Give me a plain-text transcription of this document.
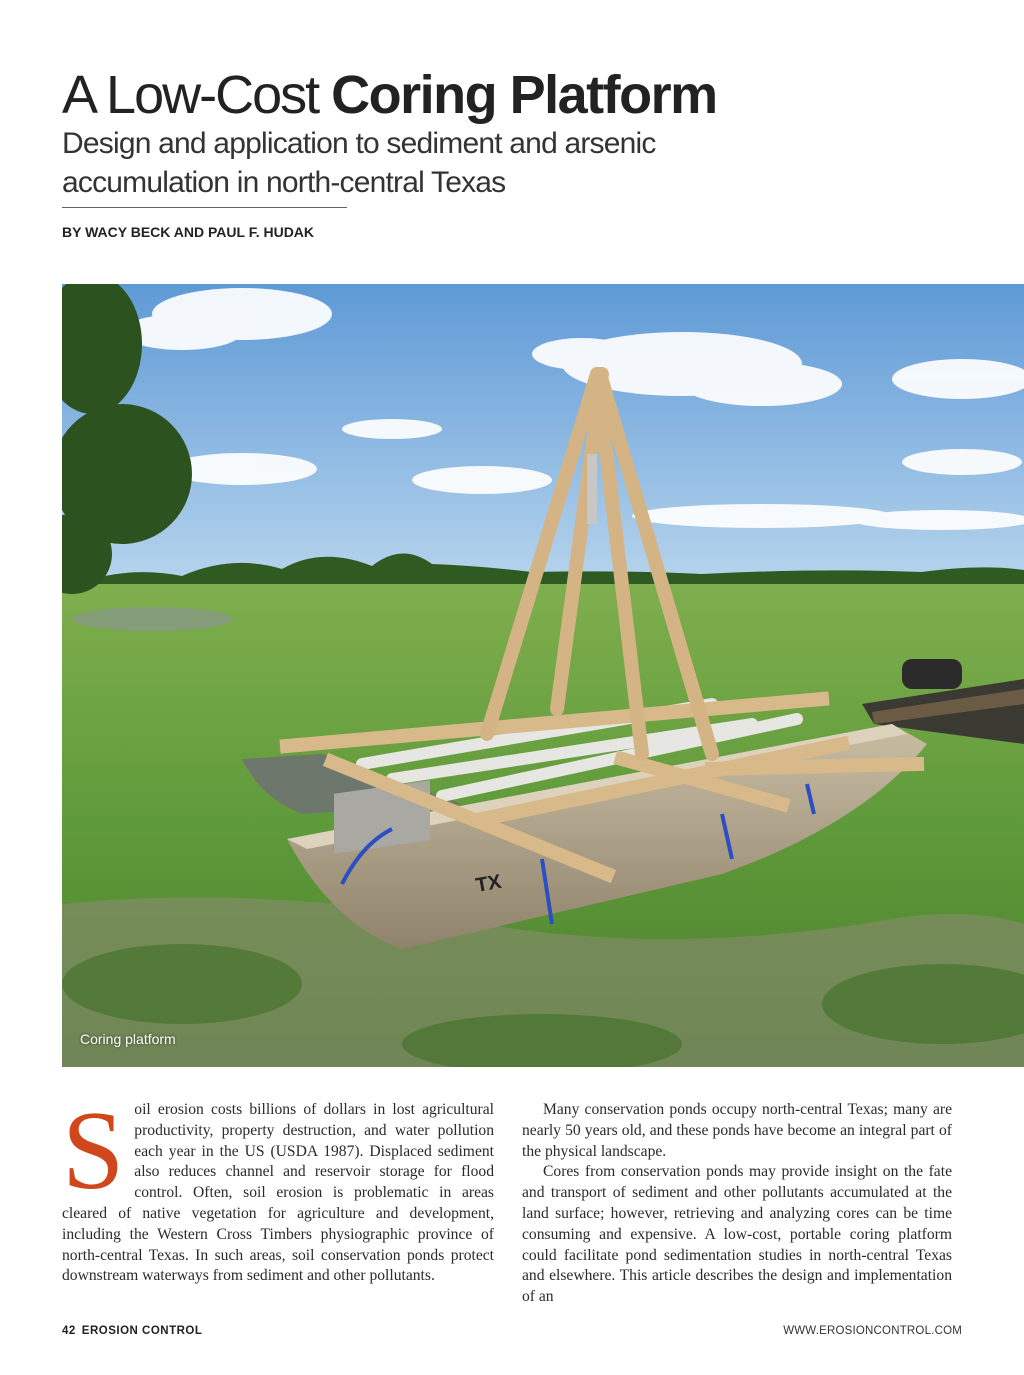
A Low-Cost Coring Platform
Design and application to sediment and arsenic accumulation in north-central Texas

BY WACY BECK AND PAUL F. HUDAK

TX
Coring platform

Soil erosion costs billions of dollars in lost agricultural productivity, property destruction, and water pollution each year in the US (USDA 1987). Displaced sediment also reduces channel and reservoir storage for flood control. Often, soil erosion is problematic in areas cleared of native vegetation for agriculture and development, including the Western Cross Timbers physiographic province of north-central Texas. In such areas, soil conservation ponds protect downstream waterways from sediment and other pollutants.

Many conservation ponds occupy north-central Texas; many are nearly 50 years old, and these ponds have become an integral part of the physical landscape.

Cores from conservation ponds may provide insight on the fate and transport of sediment and other pollutants accumulated at the land surface; however, retrieving and analyzing cores can be time consuming and expensive. A low-cost, portable coring platform could facilitate pond sedimentation studies in north-central Texas and elsewhere. This article describes the design and implementation of an

42 EROSION CONTROL	WWW.EROSIONCONTROL.COM
